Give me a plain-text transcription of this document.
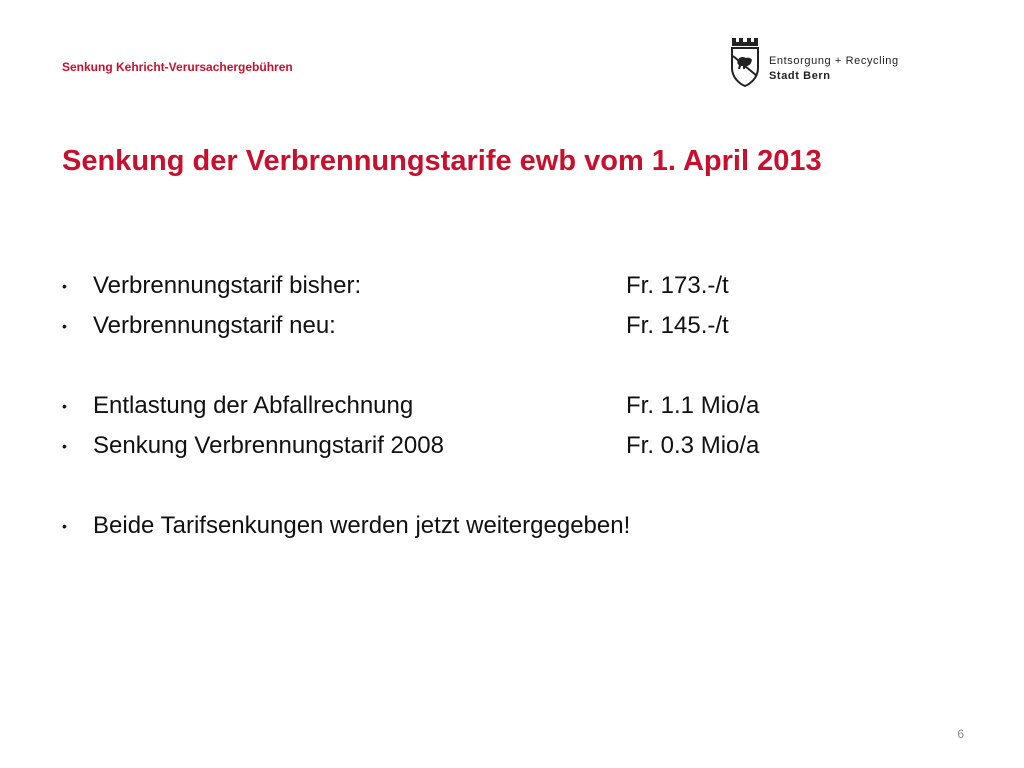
Senkung Kehricht-Verursachergebühren	Entsorgung + Recycling
Stadt Bern
Senkung der Verbrennungstarife ewb vom 1. April 2013
• Verbrennungstarif bisher:	Fr. 173.-/t
• Verbrennungstarif neu:	Fr. 145.-/t
• Entlastung der Abfallrechnung	Fr. 1.1 Mio/a
• Senkung Verbrennungstarif 2008	Fr. 0.3 Mio/a
• Beide Tarifsenkungen werden jetzt weitergegeben!
6
